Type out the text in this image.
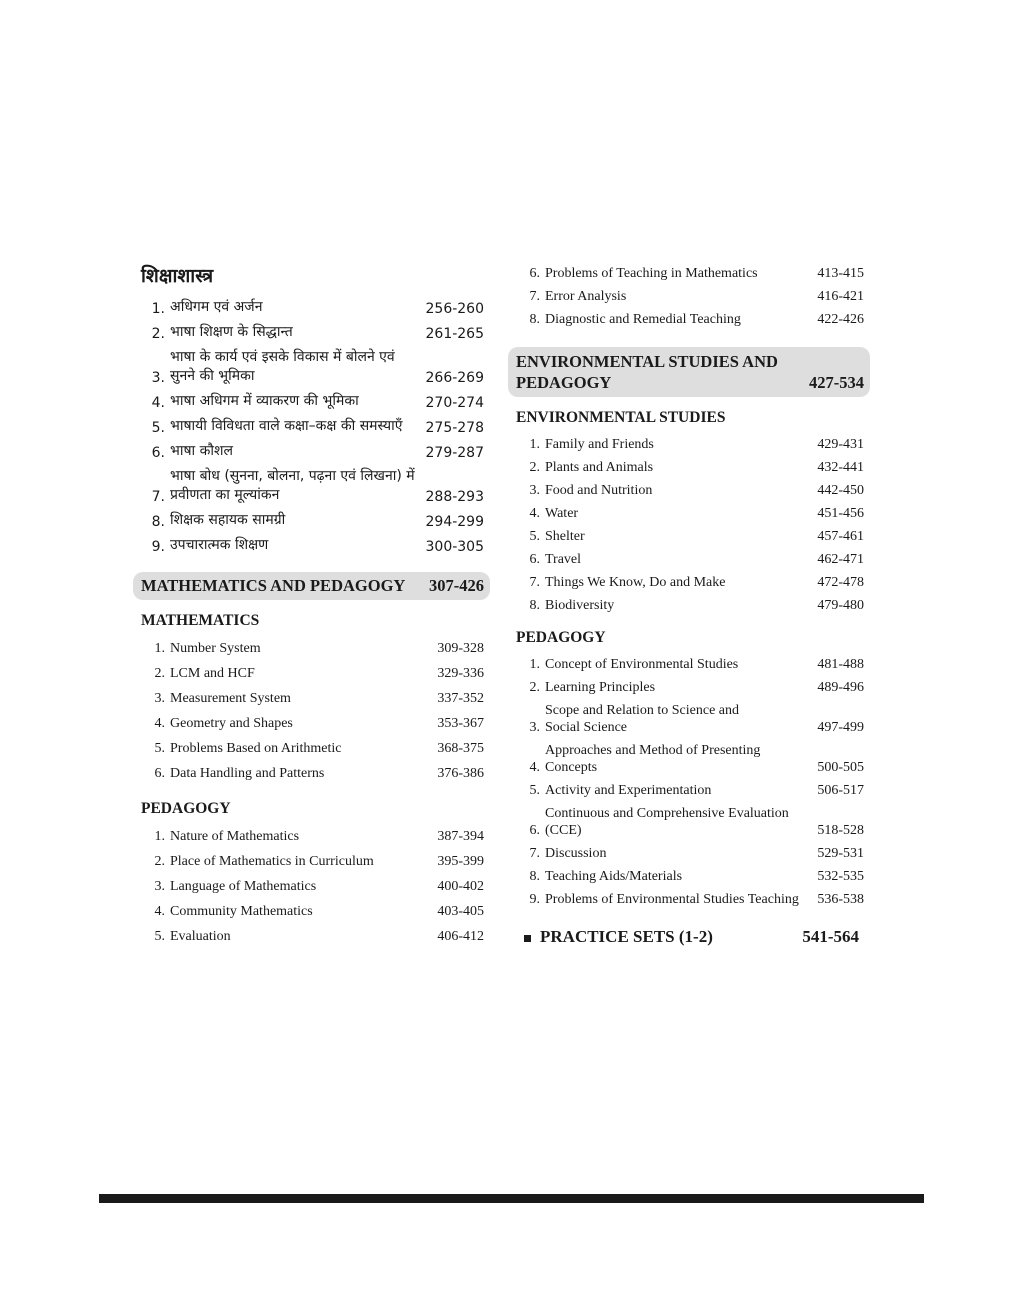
शिक्षाशास्त्र
1. अधिगम एवं अर्जन	256-260
2. भाषा शिक्षण के सिद्धान्त	261-265
3.
भाषा के कार्य एवं इसके विकास में बोलने एवं सुनने की भूमिका	266-269
4. भाषा अधिगम में व्याकरण की भूमिका	270-274
5. भाषायी विविधता वाले कक्षा–कक्ष की समस्याएँ	275-278
6. भाषा कौशल	279-287
7.
भाषा बोध (सुनना, बोलना, पढ़ना एवं लिखना) में प्रवीणता का मूल्यांकन	288-293
8. शिक्षक सहायक सामग्री	294-299
9. उपचारात्मक शिक्षण	300-305
MATHEMATICS AND PEDAGOGY 307-426
MATHEMATICS
1. Number System	309-328
2. LCM and HCF	329-336
3. Measurement System	337-352
4. Geometry and Shapes	353-367
5. Problems Based on Arithmetic	368-375
6. Data Handling and Patterns	376-386
PEDAGOGY
1. Nature of Mathematics	387-394
2. Place of Mathematics in Curriculum	395-399
3. Language of Mathematics	400-402
4. Community Mathematics	403-405
5. Evaluation	406-412
6. Problems of Teaching in Mathematics	413-415
7. Error Analysis	416-421
8. Diagnostic and Remedial Teaching	422-426
ENVIRONMENTAL STUDIES AND PEDAGOGY	427-534
ENVIRONMENTAL STUDIES
1. Family and Friends	429-431
2. Plants and Animals	432-441
3. Food and Nutrition	442-450
4. Water	451-456
5. Shelter	457-461
6. Travel	462-471
7. Things We Know, Do and Make	472-478
8. Biodiversity	479-480
PEDAGOGY
1. Concept of Environmental Studies	481-488
2. Learning Principles	489-496
3.
Scope and Relation to Science and Social Science	497-499
4.
Approaches and Method of Presenting Concepts	500-505
5. Activity and Experimentation	506-517
6.
Continuous and Comprehensive Evaluation (CCE)	518-528
7. Discussion	529-531
8. Teaching Aids/Materials	532-535
9. Problems of Environmental Studies Teaching	536-538
PRACTICE SETS (1-2)	541-564
